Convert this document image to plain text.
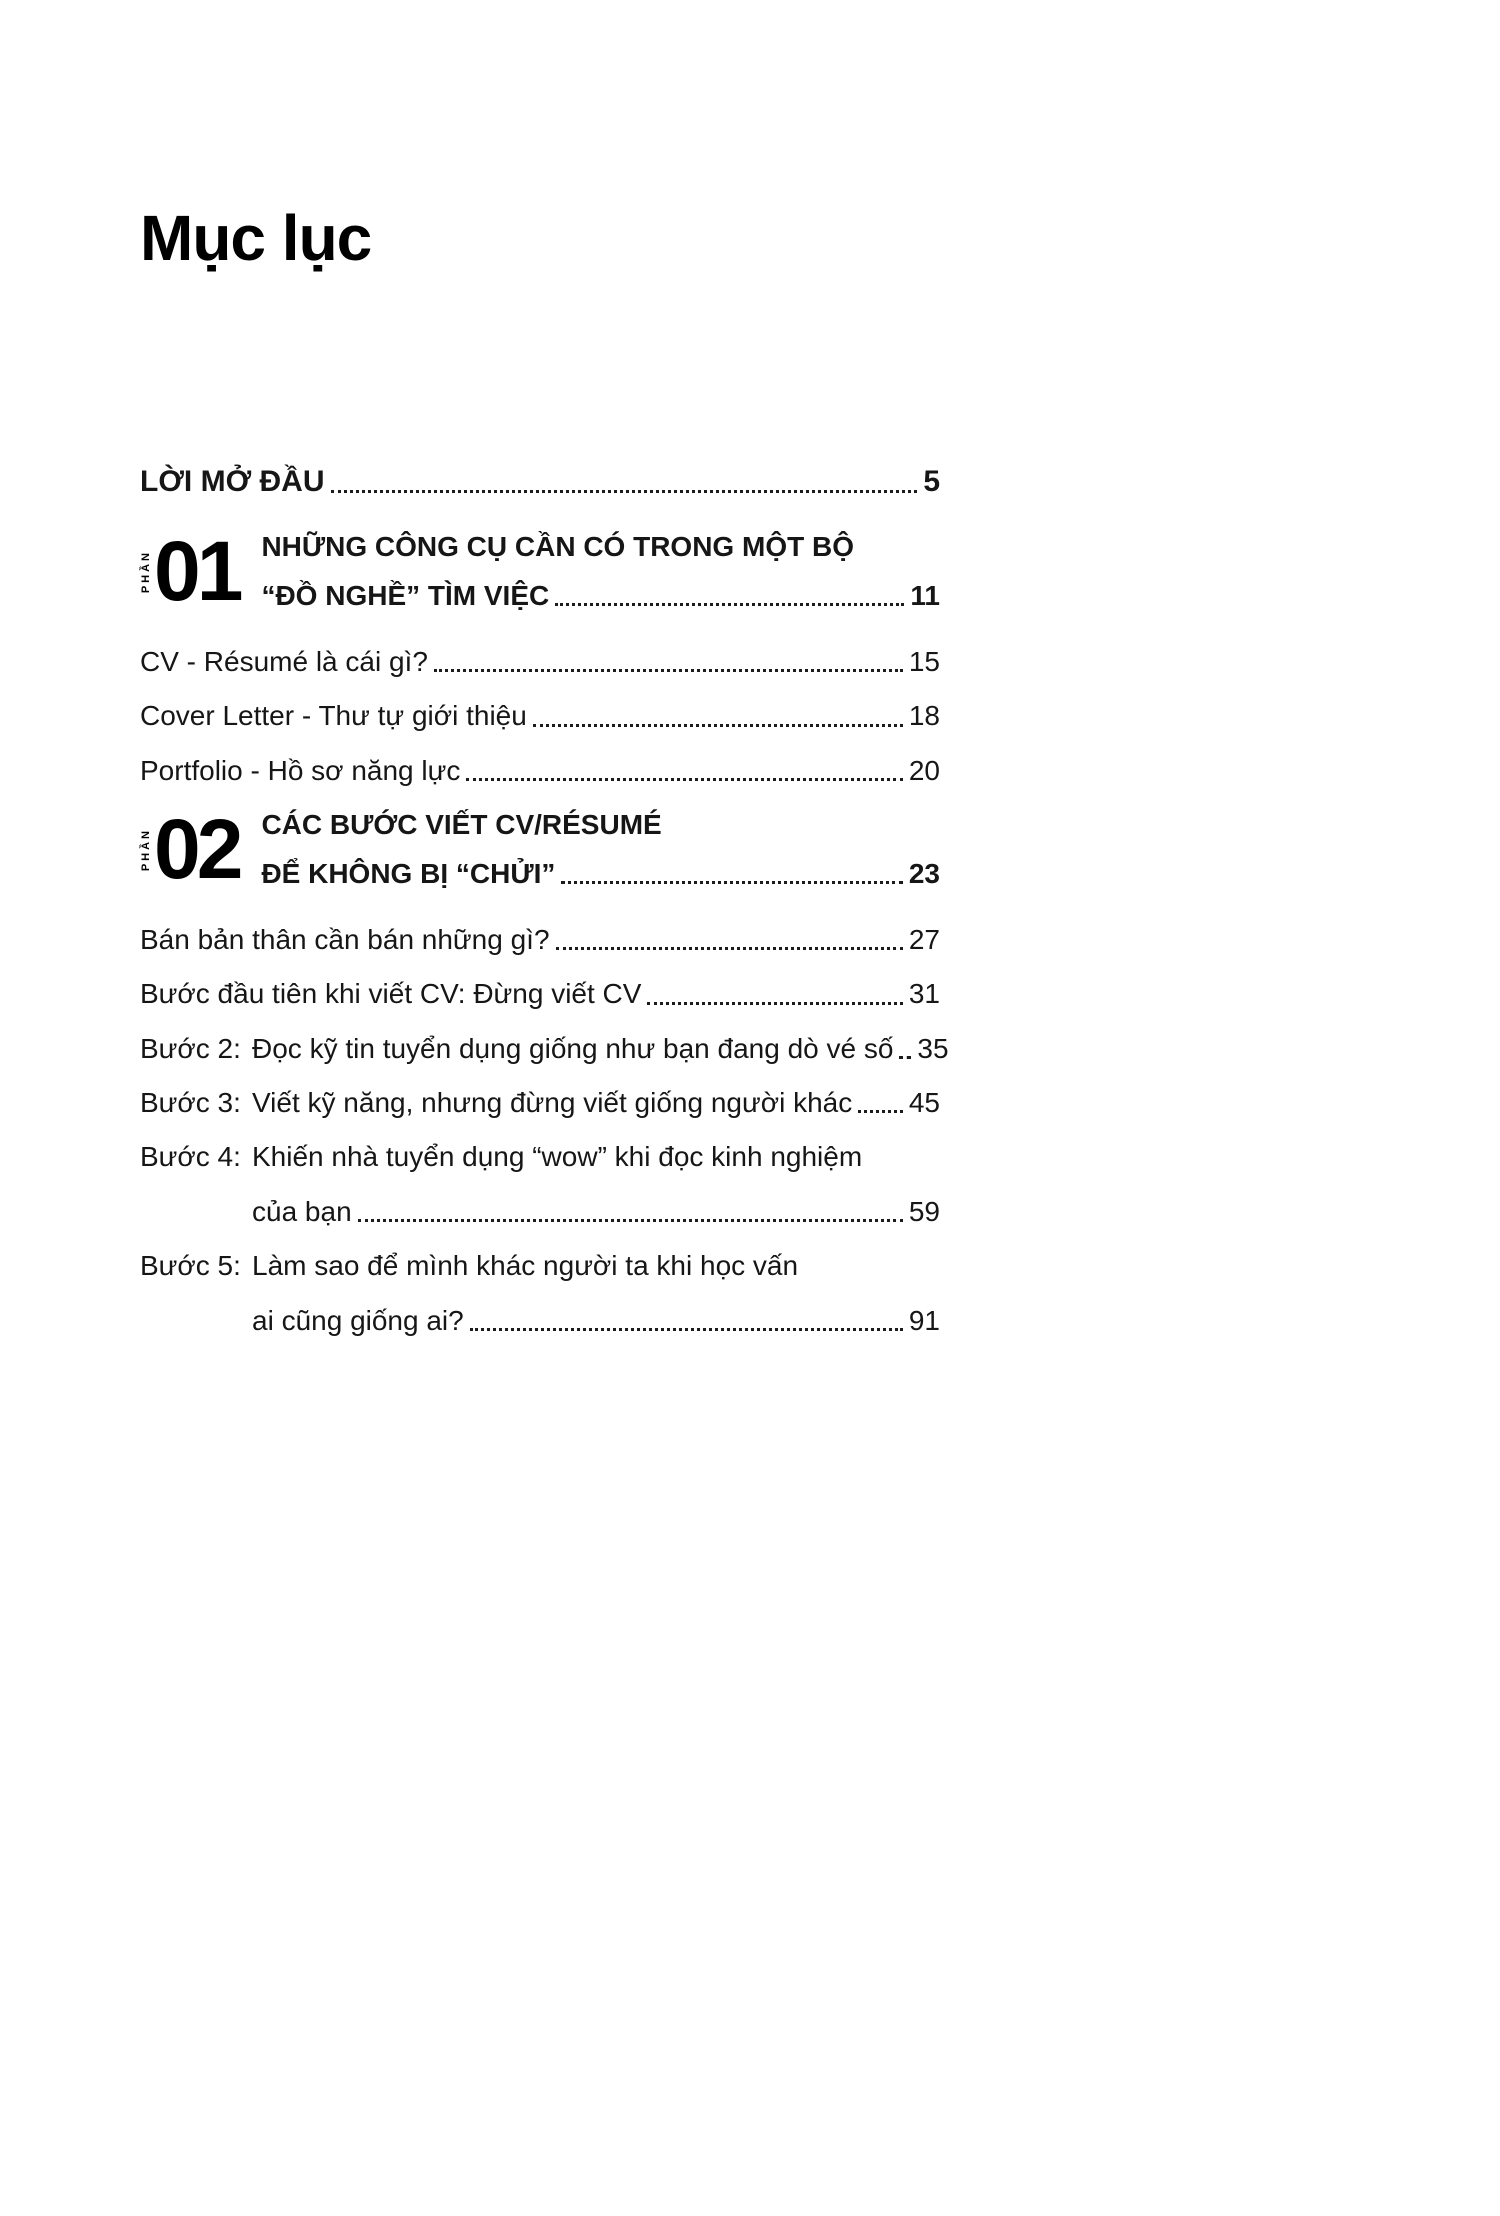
Mục lục
LỜI MỞ ĐẦU	5
PHẦN 01 NHỮNG CÔNG CỤ CẦN CÓ TRONG MỘT BỘ
“ĐỒ NGHỀ” TÌM VIỆC	11
CV - Résumé là cái gì?	15
Cover Letter - Thư tự giới thiệu	18
Portfolio - Hồ sơ năng lực	20
PHẦN 02 CÁC BƯỚC VIẾT CV/RÉSUMÉ
ĐỂ KHÔNG BỊ “CHỬI”	23
Bán bản thân cần bán những gì?	27
Bước đầu tiên khi viết CV: Đừng viết CV	31
Bước 2: Đọc kỹ tin tuyển dụng giống như bạn đang dò vé số 35
Bước 3: Viết kỹ năng, nhưng đừng viết giống người khác 45
Bước 4: Khiến nhà tuyển dụng “wow” khi đọc kinh nghiệm
của bạn	59
Bước 5: Làm sao để mình khác người ta khi học vấn
ai cũng giống ai?	91
